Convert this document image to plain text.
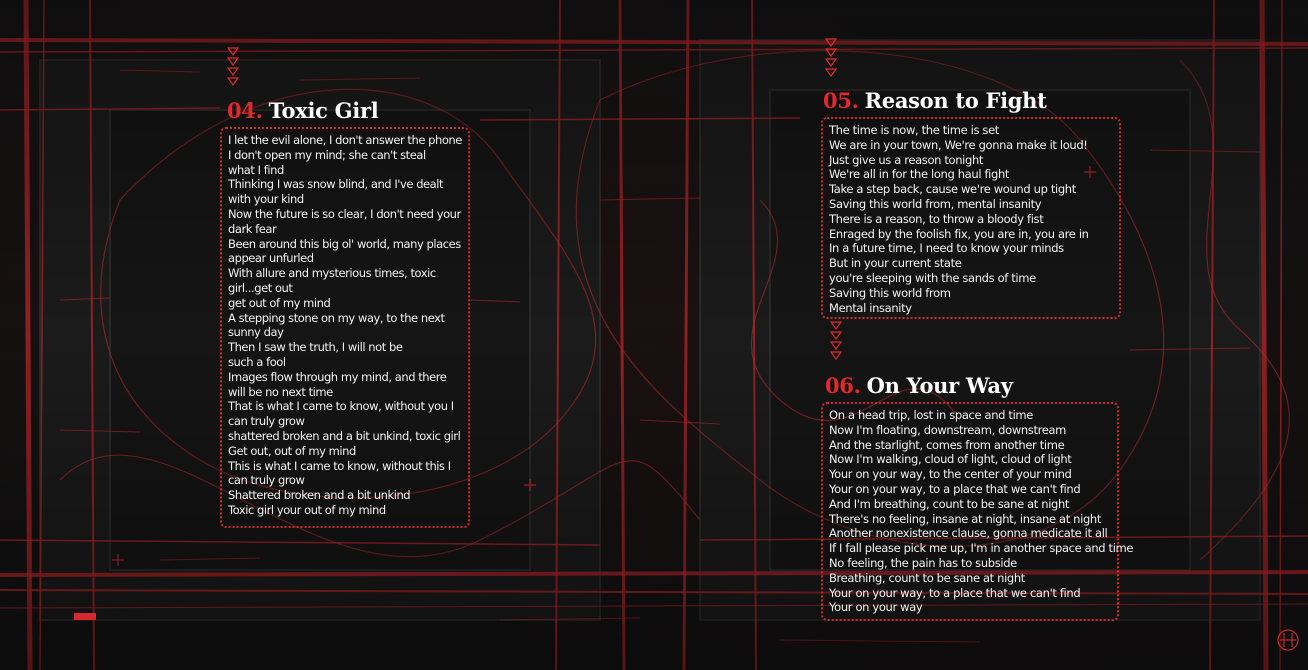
04. Toxic Girl
I let the evil alone, I don't answer the phone
I don't open my mind; she can't steal
what I find
Thinking I was snow blind, and I've dealt
with your kind
Now the future is so clear, I don't need your
dark fear
Been around this big ol' world, many places
appear unfurled
With allure and mysterious times, toxic
girl...get out
get out of my mind
A stepping stone on my way, to the next
sunny day
Then I saw the truth, I will not be
such a fool
Images flow through my mind, and there
will be no next time
That is what I came to know, without you I
can truly grow
shattered broken and a bit unkind, toxic girl
Get out, out of my mind
This is what I came to know, without this I
can truly grow
Shattered broken and a bit unkind
Toxic girl your out of my mind
05. Reason to Fight
The time is now, the time is set
We are in your town, We're gonna make it loud!
Just give us a reason tonight
We're all in for the long haul fight
Take a step back, cause we're wound up tight
Saving this world from, mental insanity
There is a reason, to throw a bloody fist
Enraged by the foolish fix, you are in, you are in
In a future time, I need to know your minds
But in your current state
you're sleeping with the sands of time
Saving this world from
Mental insanity
06. On Your Way
On a head trip, lost in space and time
Now I'm floating, downstream, downstream
And the starlight, comes from another time
Now I'm walking, cloud of light, cloud of light
Your on your way, to the center of your mind
Your on your way, to a place that we can't find
And I'm breathing, count to be sane at night
There's no feeling, insane at night, insane at night
Another nonexistence clause, gonna medicate it all
If I fall please pick me up, I'm in another space and time
No feeling, the pain has to subside
Breathing, count to be sane at night
Your on your way, to a place that we can't find
Your on your way
